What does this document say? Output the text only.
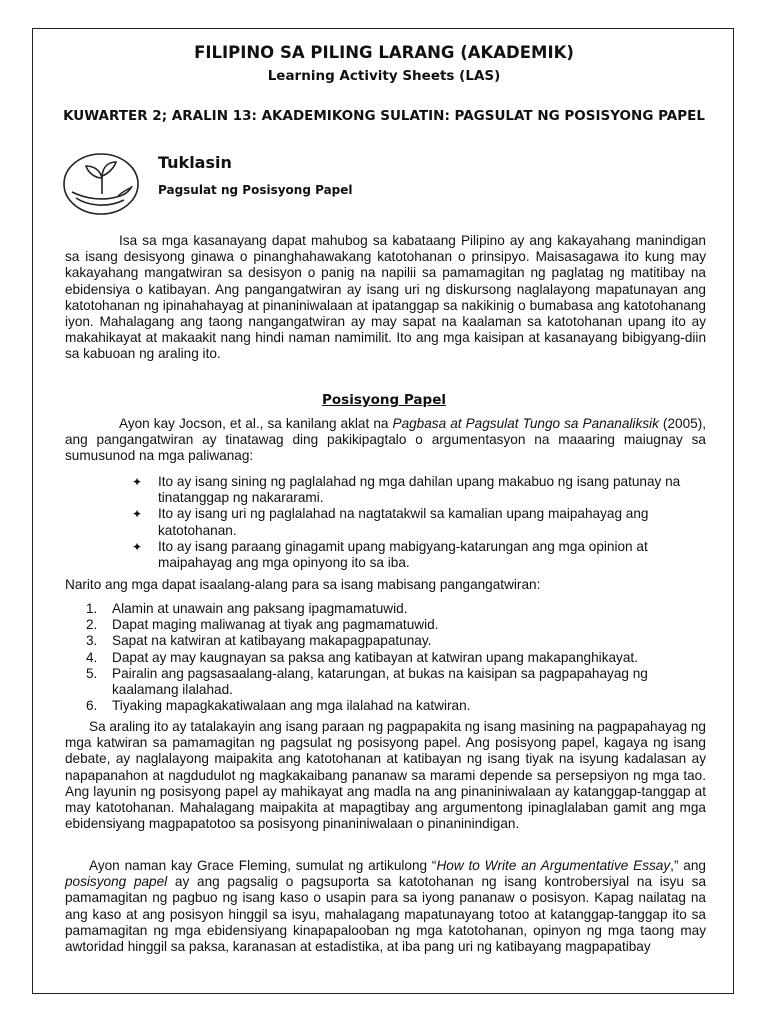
FILIPINO SA PILING LARANG (AKADEMIK)
Learning Activity Sheets (LAS)
KUWARTER 2; ARALIN 13: AKADEMIKONG SULATIN: PAGSULAT NG POSISYONG PAPEL
Tuklasin
Pagsulat ng Posisyong Papel

Isa sa mga kasanayang dapat mahubog sa kabataang Pilipino ay ang kakayahang manindigan sa isang desisyong ginawa o pinanghahawakang katotohanan o prinsipyo. Maisasagawa ito kung may kakayahang mangatwiran sa desisyon o panig na napilii sa pamamagitan ng paglatag ng matitibay na ebidensiya o katibayan. Ang pangangatwiran ay isang uri ng diskursong naglalayong mapatunayan ang katotohanan ng ipinahahayag at pinaniniwalaan at ipatanggap sa nakikinig o bumabasa ang katotohanang iyon. Mahalagang ang taong nangangatwiran ay may sapat na kaalaman sa katotohanan upang ito ay makahikayat at makaakit nang hindi naman namimilit. Ito ang mga kaisipan at kasanayang bibigyang-diin sa kabuoan ng araling ito.

Posisyong Papel

Ayon kay Jocson, et al., sa kanilang aklat na Pagbasa at Pagsulat Tungo sa Pananaliksik (2005), ang pangangatwiran ay tinatawag ding pakikipagtalo o argumentasyon na maaaring maiugnay sa sumusunod na mga paliwanag:

✦ Ito ay isang sining ng paglalahad ng mga dahilan upang makabuo ng isang patunay na tinatanggap ng nakararami.
✦ Ito ay isang uri ng paglalahad na nagtatakwil sa kamalian upang maipahayag ang katotohanan.
✦ Ito ay isang paraang ginagamit upang mabigyang-katarungan ang mga opinion at maipahayag ang mga opinyong ito sa iba.

Narito ang mga dapat isaalang-alang para sa isang mabisang pangangatwiran:

1. Alamin at unawain ang paksang ipagmamatuwid.
2. Dapat maging maliwanag at tiyak ang pagmamatuwid.
3. Sapat na katwiran at katibayang makapagpapatunay.
4. Dapat ay may kaugnayan sa paksa ang katibayan at katwiran upang makapanghikayat.
5. Pairalin ang pagsasaalang-alang, katarungan, at bukas na kaisipan sa pagpapahayag ng kaalamang ilalahad.
6. Tiyaking mapagkakatiwalaan ang mga ilalahad na katwiran.

Sa araling ito ay tatalakayin ang isang paraan ng pagpapakita ng isang masining na pagpapahayag ng mga katwiran sa pamamagitan ng pagsulat ng posisyong papel. Ang posisyong papel, kagaya ng isang debate, ay naglalayong maipakita ang katotohanan at katibayan ng isang tiyak na isyung kadalasan ay napapanahon at nagdudulot ng magkakaibang pananaw sa marami depende sa persepsiyon ng mga tao. Ang layunin ng posisyong papel ay mahikayat ang madla na ang pinaniniwalaan ay katanggap-tanggap at may katotohanan. Mahalagang maipakita at mapagtibay ang argumentong ipinaglalaban gamit ang mga ebidensiyang magpapatotoo sa posisyong pinaniniwalaan o pinaninindigan.

Ayon naman kay Grace Fleming, sumulat ng artikulong “How to Write an Argumentative Essay,” ang posisyong papel ay ang pagsalig o pagsuporta sa katotohanan ng isang kontrobersiyal na isyu sa pamamagitan ng pagbuo ng isang kaso o usapin para sa iyong pananaw o posisyon. Kapag nailatag na ang kaso at ang posisyon hinggil sa isyu, mahalagang mapatunayang totoo at katanggap-tanggap ito sa pamamagitan ng mga ebidensiyang kinapapalooban ng mga katotohanan, opinyon ng mga taong may awtoridad hinggil sa paksa, karanasan at estadistika, at iba pang uri ng katibayang magpapatibay
